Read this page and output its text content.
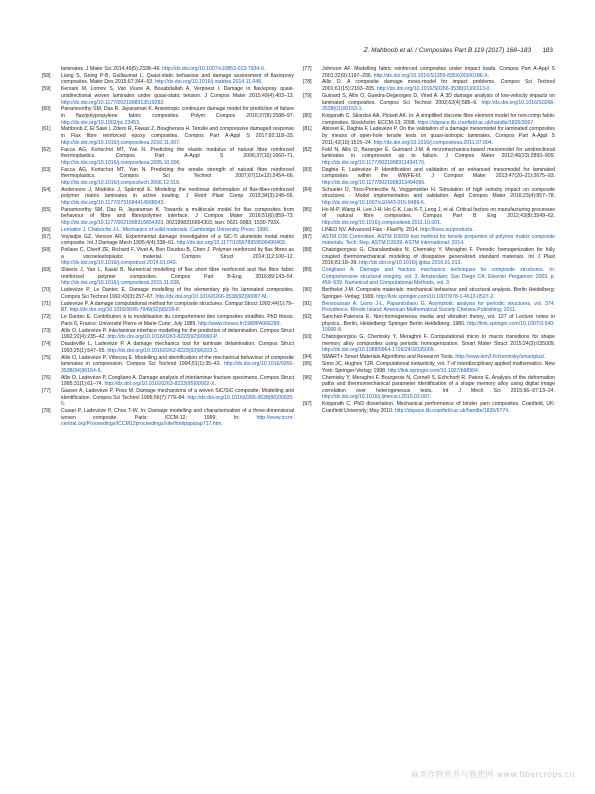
Z. Mahboob et al. / Composites Part B 119 (2017) 168–183 183
laminates. J Mater Sci 2014;49(5):2338–46. http://dx.doi.org/10.1007/s10853-013-7934-0.
[58]	Liang S, Gning P-B, Guillaumat L. Quasi-static behaviour and damage assessment of flax/epoxy composites. Mater Des 2015;67:344–53. http://dx.doi.org/10.1016/j.matdes.2014.11.048.
[59]	Kersani M, Lomov S, Van Vuure A, Bouabdallah A, Verpoest I. Damage in flax/epoxy quasi-unidirectional woven laminates under quasi-static tension. J Compos Mater 2015;49(4):403–13. http://dx.doi.org/10.1177/0021998313519282.
[60]	Panamoorthy SM, Das R, Jayaraman K. Anisotropic continuum damage model for prediction of failure in flax/polypropylene fabric composites. Polym Compos 2016;37(8):2588–97. http://dx.doi.org/10.1002/pc.23453.
[61]	Mahboob Z, El Sawi I, Zdero R, Fawaz Z, Bougherara H. Tensile and compressive damaged response in Flax fibre reinforced epoxy composites. Compos Part A-Appl S 2017;92:118–33. http://dx.doi.org/10.1016/j.compositesa.2016.11.007.
[62]	Facca AG, Kortschot MT, Yan N. Predicting the elastic modulus of natural fibre reinforced thermoplastics. Compos Part A-Appl S 2006;37(10):1660–71. http://dx.doi.org/10.1016/j.compositesa.2005.10.006.
[63]	Facca AG, Kortschot MT, Yan N. Predicting the tensile strength of natural fibre reinforced thermoplastics. Compos Sci Technol 2007;67(11e12):2454–66. http://dx.doi.org/10.1016/j.compscitech.2006.12.018.
[64]	Andersons J, Modniks J, Spārniņš E. Modeling the nonlinear deformation of flax-fiber-reinforced polymer matrix laminates in active loading. J Reinf Plast Comp 2015;34(3):248–56. http://dx.doi.org/10.1177/0731684414568043.
[65]	Panamoorthy SM, Das R, Jayaraman K. Towards a multiscale model for flax composites from behaviour of fibre and fibre/polymer interface. J Compos Mater 2016;51(6):859–73. http://dx.doi.org/10.1177/0021998316654303. 0021998316654303, issn: 0021-9983, 1530-793X.
[66]	Lemaitre J, Chaboche J-L. Mechanics of solid materials. Cambridge University Press; 1990.
[67]	Voyiadjis GZ, Venson AR. Experimental damage investigation of a SiC-Ti aluminide metal matrix composite. Int J Damage Mech 1995;4(4):338–61. http://dx.doi.org/10.1177/105678959500400403.
[68]	Poilane C, Cherif ZE, Richard F, Vivet A, Ben Doudou B, Chen J. Polymer reinforced by flax fibres as a viscoelastoplastic material. Compos Struct 2014;112:100–12. http://dx.doi.org/10.1016/j.compstruct.2014.01.043.
[69]	Sliseris J, Yan L, Kasal B. Numerical modelling of flax short fibre reinforced and flax fibre fabric reinforced polymer composites. Compos Part B-Eng 2016;89:143–54. http://dx.doi.org/10.1016/j.compositesb.2015.11.038.
[70]	Ladevèze P, Le Dantec E. Damage modelling of the elementary ply for laminated composites. Compos Sci Technol 1992;43(3):257–67. http://dx.doi.org/10.1016/0266-3538(92)90097-M.
[71]	Ladevèze P. A damage computational method for composite structures. Comput Struct 1992;44(1):79–87. http://dx.doi.org/10.1016/0045-7949(92)90226-P.
[72]	Le Dantec E. Contribution à la modélisation du comportement des composites stratifiés. PhD thesis. Paris 6, France: Université Pierre et Marie Curie; July 1989. http://www.theses.fr/1989PA066289.
[73]	Allix O, Ladevèze P. Interlaminar interface modelling for the prediction of delamination. Compos Struct 1992;22(4):235–42. http://dx.doi.org/10.1016/0263-8223(92)90060-P.
[74]	Daudeville L, Ladevèze P. A damage mechanics tool for laminate delamination. Compos Struct 1993;25(1):547–55. http://dx.doi.org/10.1016/0263-8223(93)90203-3.
[75]	Allix O, Ladevèze P, Vittecoq E. Modelling and identification of the mechanical behaviour of composite laminates in compression. Compos Sci Technol 1994;51(1):35–42. http://dx.doi.org/10.1016/0266-3538(94)90154-6.
[76]	Allix O, Ladevèze P, Corigliano A. Damage analysis of interlaminar fracture specimens. Compos Struct 1995;31(1):61–74. http://dx.doi.org/10.1016/0263-8223(95)00002-X.
[77]	Gasser A, Ladevèze P, Poss M. Damage mechanisms of a woven SiC/SiC composite: Modelling and identification. Compos Sci Technol 1996;56(7):779–84. http://dx.doi.org/10.1016/0266-3538(96)00020-6.
[78]	Casari P, Ladevèze P, Chou T-W. In: Damage modelling and characterization of a three-dimensional woven composite. Paris: ICCM-12; 1999. In: http://www.iccm-central.org/Proceedings/ICCM12proceedings/site/htmlpap/pap717.htm.
[77]	Johnson AF. Modelling fabric reinforced composites under impact loads. Compos Part A-Appl S 2001;32(9):1197–206. http://dx.doi.org/10.1016/S1359-835X(00)00186-X.
[78]	Allix O. A composite damage meso-model for impact problems. Compos Sci Technol 2001;61(15):2193–205. http://dx.doi.org/10.1016/S0266-3538(01)00113-0.
[79]	Guinard S, Allix O, Guedra-Degeorges D, Vinet A. A 3D damage analysis of low-velocity impacts on laminated composites. Compos Sci Technol 2002;62(4):585–9. http://dx.doi.org/10.1016/S0266-3538(01)00153-1.
[80]	Knipprath C, Skordos AA, Pickett AK. In: A simplified discrete fibre element model for non-crimp fabric composites. Stockholm: ECCM-13; 2008. https://dspace.lib.cranfield.ac.uk/handle/1826/3067.
[81]	Abisset E, Daghia F, Ladevèze P. On the validation of a damage mesomodel for laminated composites by means of open-hole tensile tests on quasi-isotropic laminates. Compos Part A-Appl S 2011;42(10):1515–24. http://dx.doi.org/10.1016/j.compositesa.2011.07.004.
[82]	Feld N, Allix O, Baranger E, Guimard J-M. A micromechanics-based mesomodel for unidirectional laminates in compression up to failure. J Compos Mater 2012;46(23):2893–909. http://dx.doi.org/10.1177/0021998311434170.
[83]	Daghia F, Ladevèze P. Identification and validation of an enhanced mesomodel for laminated composites within the WWFE-III. J Compos Mater 2013;47(20–21):2675–93. http://dx.doi.org/10.1177/0021998313494095.
[84]	Schueler D, Toso-Pentecôte N, Voggenreiter H. Simulation of high velocity impact on composite structures - Model implementation and validation. Appl Compos Mater 2016;23(4):857–78. http://dx.doi.org/10.1007/s10443-016-9489-6.
[85]	Ho M-P, Wang H, Lee J-H, Ho C-K, Lau K-T, Leng J, et al. Critical factors on manufacturing processes of natural fibre composites. Compos Part B Eng 2012;43(8):3549–62. http://dx.doi.org/10.1016/j.compositesb.2011.10.001.
[86]	LINEO NV. Advanced Flax - FlaxPly. 2014. http://lineo.eu/products.
[87]	ASTM D30 Committee. ASTM D3039 test method for tensile properties of polymer matrix composite materials. Tech. Rep. ASTM D3039. ASTM International; 2014.
[88]	Chatzigeorgiou G, Charalambakis N, Chemisky Y, Meraghni F. Periodic homogenization for fully coupled thermomechanical modeling of dissipative generalized standard materials. Int J Plast 2016;81:18–39. http://dx.doi.org/10.1016/j.ijplas.2016.01.013.
[89]	Corigliano A. Damage and fracture mechanics techniques for composite structures. In: Comprehensive structural integrity, vol. 3. Amsterdam; San Diego CA: Elsevier Pergamon; 2003. p. 459–539. Numerical and Computational Methods, vol. 3.
[90]	Berthelot J-M. Composite materials: mechanical behaviour and structural analysis. Berlin Heidelberg: Springer- Verlag; 1999. http://link.springer.com/10.1007/978-1-4612-0527-2.
[91]	Bensoussan A, Lions J-L, Papanicolaou G. Asymptotic analysis for periodic structures, vol. 374. Providence, Rhode Island: American Mathematical Society Chelsea Publishing; 2011.
[92]	Sanchez-Palencia E. Non-homogeneous media and vibration theory, vol. 127 of Lecture notes in physics,. Berlin, Heidelberg: Springer Berlin Heidelberg; 1980. http://link.springer.com/10.1007/3-540-10000-8.
[93]	Chatzigeorgiou G, Chemisky Y, Meraghni F. Computational micro to macro transitions for shape memory alloy composites using periodic homogenization. Smart Mater Struct 2015;24(3):035009. http://dx.doi.org/10.1088/0964-1726/24/3/035009.
[94]	SMART+ Smart Materials Algorithms and Research Tools. http://www.lem3.fr/chemisky/smartplus/.
[95]	Simo JC, Hughes TJR. Computational inelasticity, vol. 7 of Interdisciplinary applied mathematics. New York: Springer-Verlag; 1998. http://link.springer.com/10.1007/b98904.
[96]	Chemisky Y, Meraghni F, Bourgeois N, Cornell S, Echchorfi R, Patoor E. Analysis of the deformation paths and thermomechanical parameter identification of a shape memory alloy using digital image correlation over heterogeneous tests. Int J Mech Sci 2015;96–97:13–24. http://dx.doi.org/10.1016/j.ijmecsci.2015.03.007.
[97]	Knipprath C. PhD dissertation. Mechanical performance of binder yarn composites. Cranfield, UK: Cranfield University; May 2010. http://dspace.lib.cranfield.ac.uk/handle/1826/6774.
麻类作物营养与施肥网 www.fibercrops.cn
